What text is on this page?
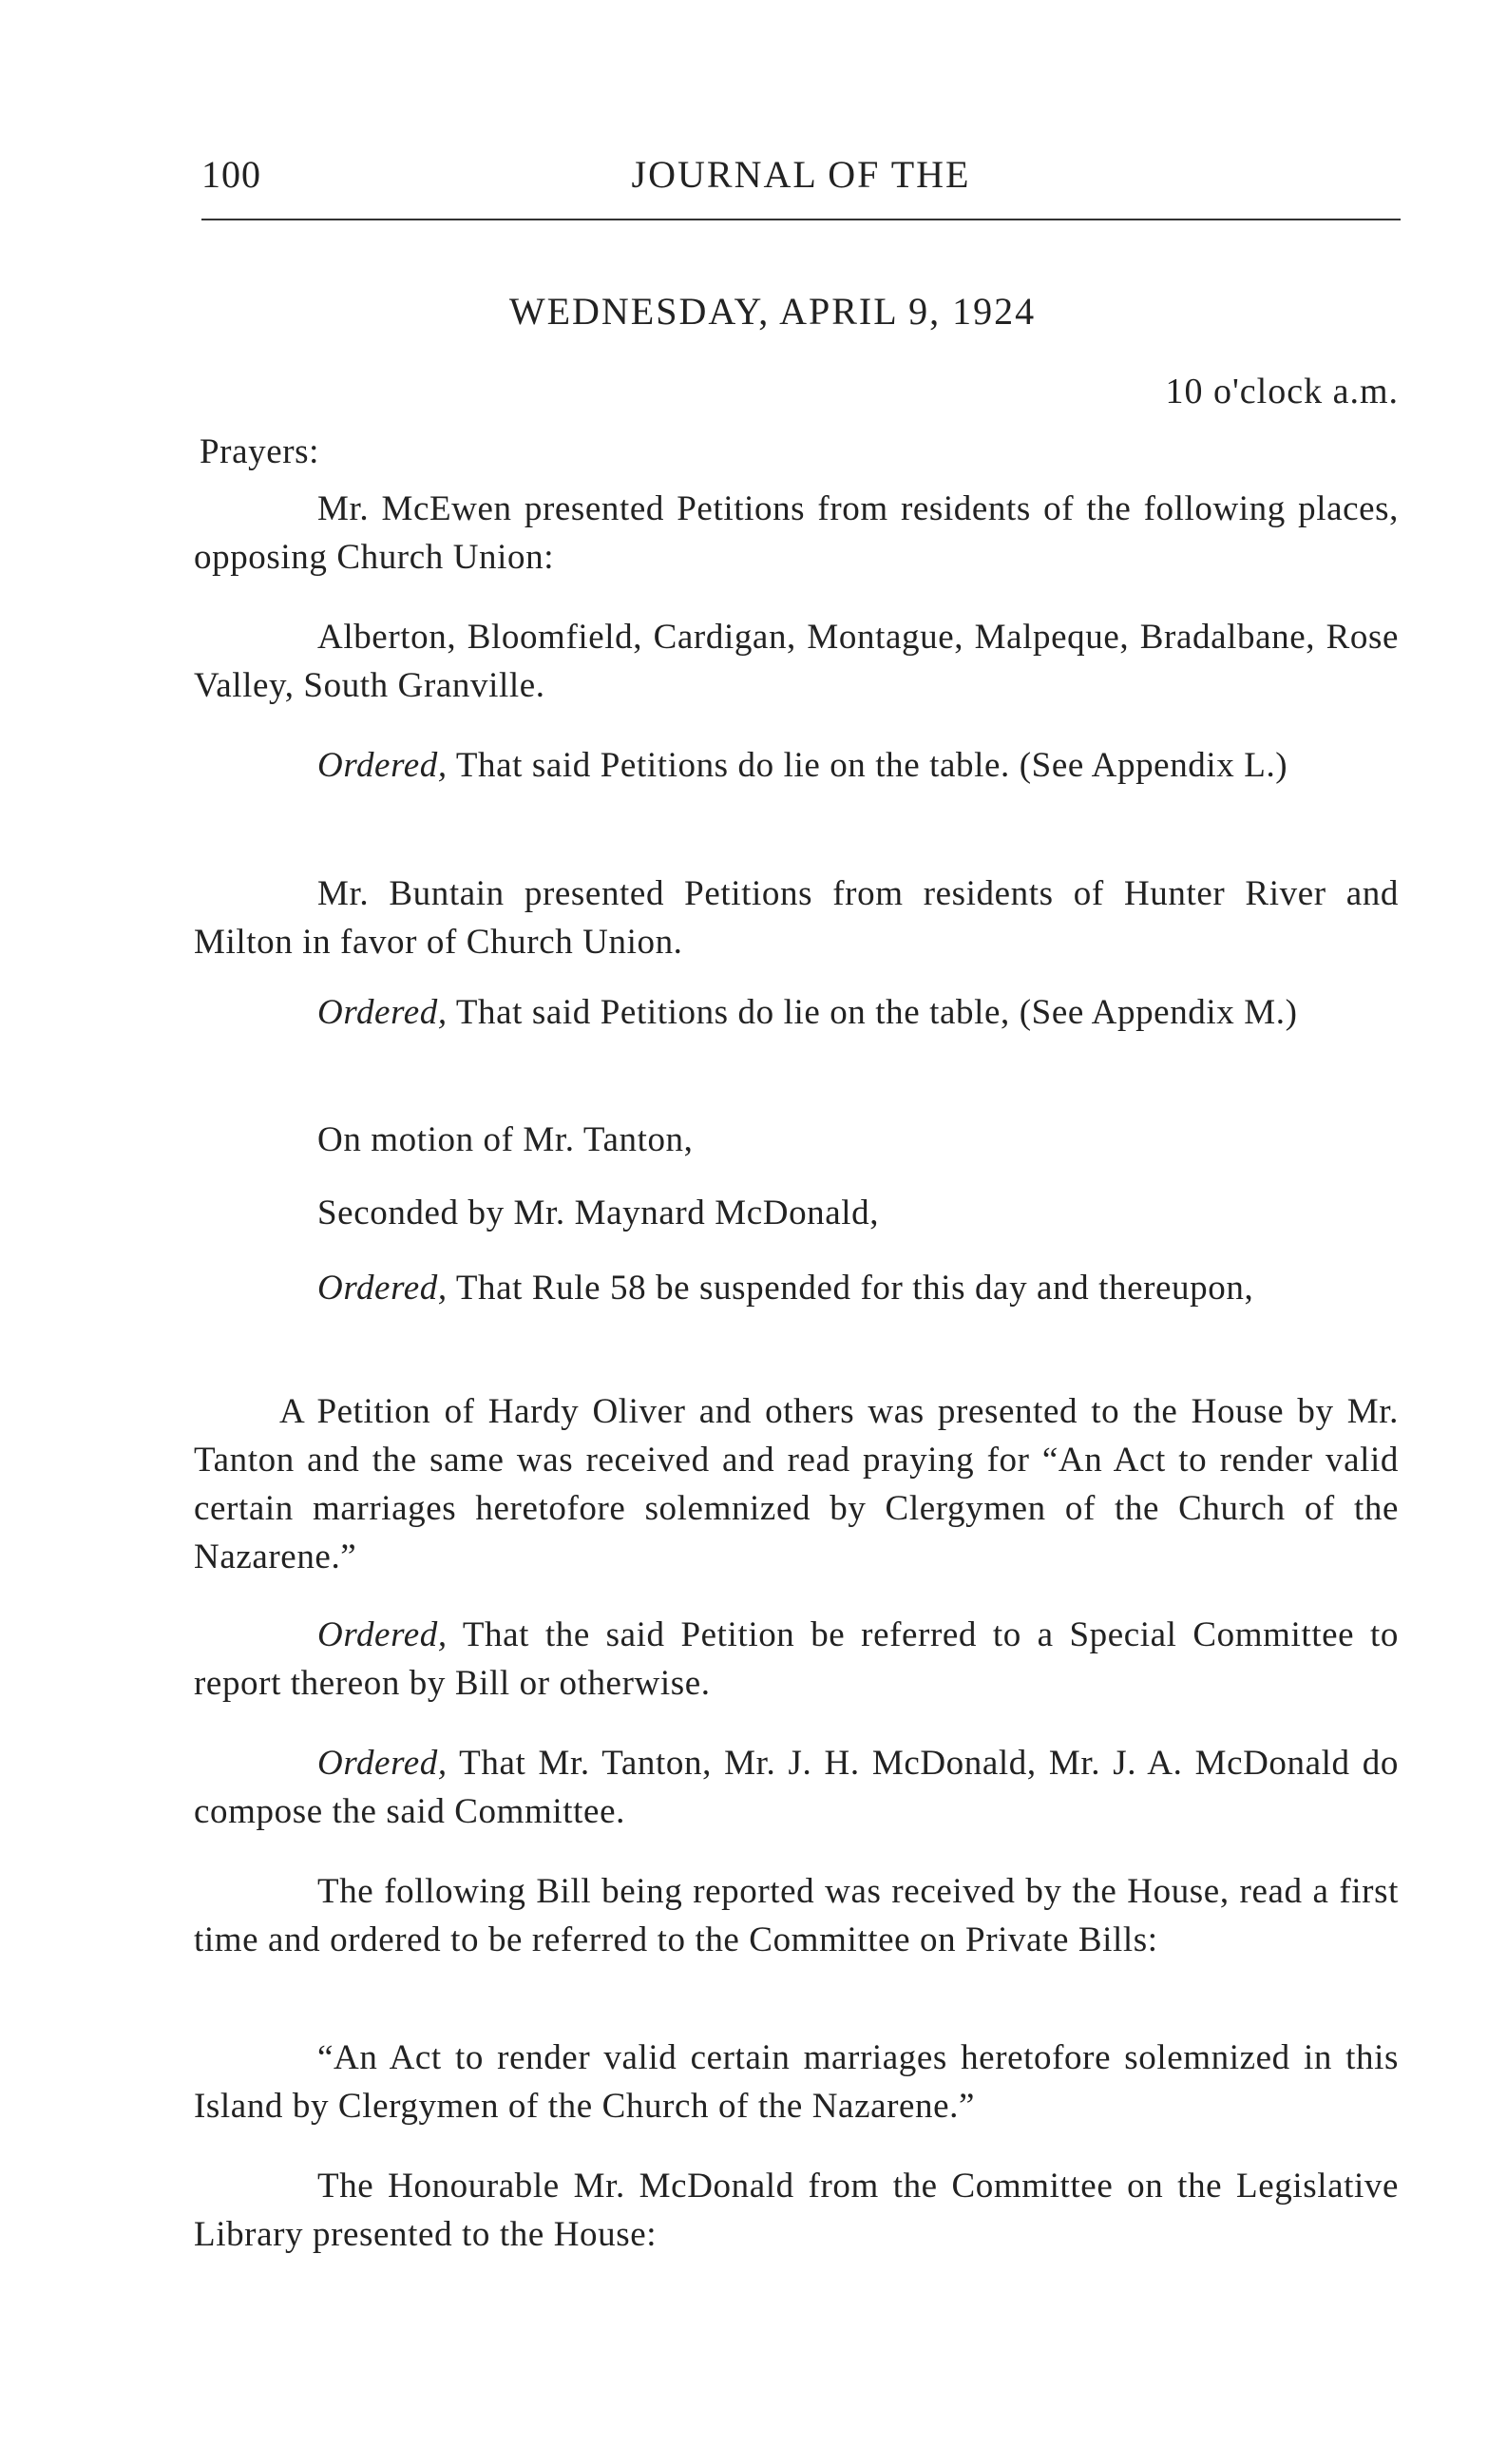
100	JOURNAL OF THE
WEDNESDAY, APRIL 9, 1924
10 o'clock a.m.
Prayers:

Mr. McEwen presented Petitions from residents of the following places, opposing Church Union:

Alberton, Bloomfield, Cardigan, Montague, Malpeque, Bradalbane, Rose Valley, South Granville.

Ordered, That said Petitions do lie on the table. (See Appendix L.)

Mr. Buntain presented Petitions from residents of Hunter River and Milton in favor of Church Union.

Ordered, That said Petitions do lie on the table, (See Appendix M.)

On motion of Mr. Tanton,
Seconded by Mr. Maynard McDonald,

Ordered, That Rule 58 be suspended for this day and thereupon,

A Petition of Hardy Oliver and others was presented to the House by Mr. Tanton and the same was received and read praying for “An Act to render valid certain marriages heretofore solemnized by Clergymen of the Church of the Nazarene.”

Ordered, That the said Petition be referred to a Special Committee to report thereon by Bill or otherwise.

Ordered, That Mr. Tanton, Mr. J. H. McDonald, Mr. J. A. McDonald do compose the said Committee.

The following Bill being reported was received by the House, read a first time and ordered to be referred to the Committee on Private Bills:

“An Act to render valid certain marriages heretofore solemnized in this Island by Clergymen of the Church of the Nazarene.”

The Honourable Mr. McDonald from the Committee on the Legislative Library presented to the House:
